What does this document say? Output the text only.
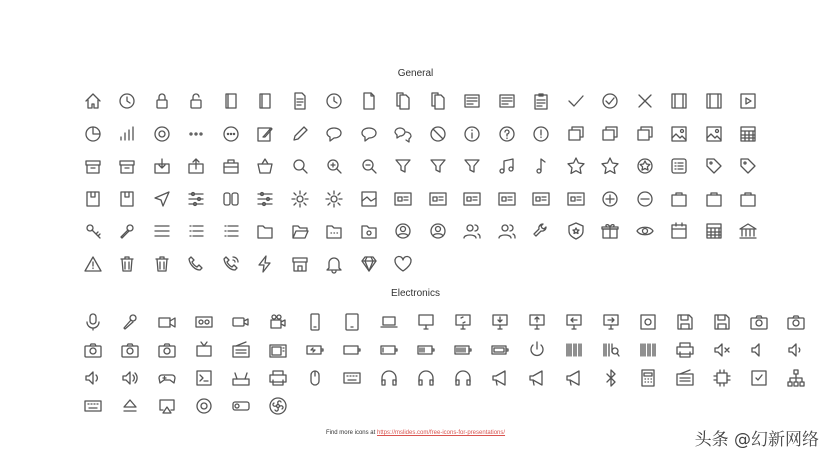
General
Electronics
Find more icons at https://mslides.com/free-icons-for-presentations/	头条 @幻新网络
